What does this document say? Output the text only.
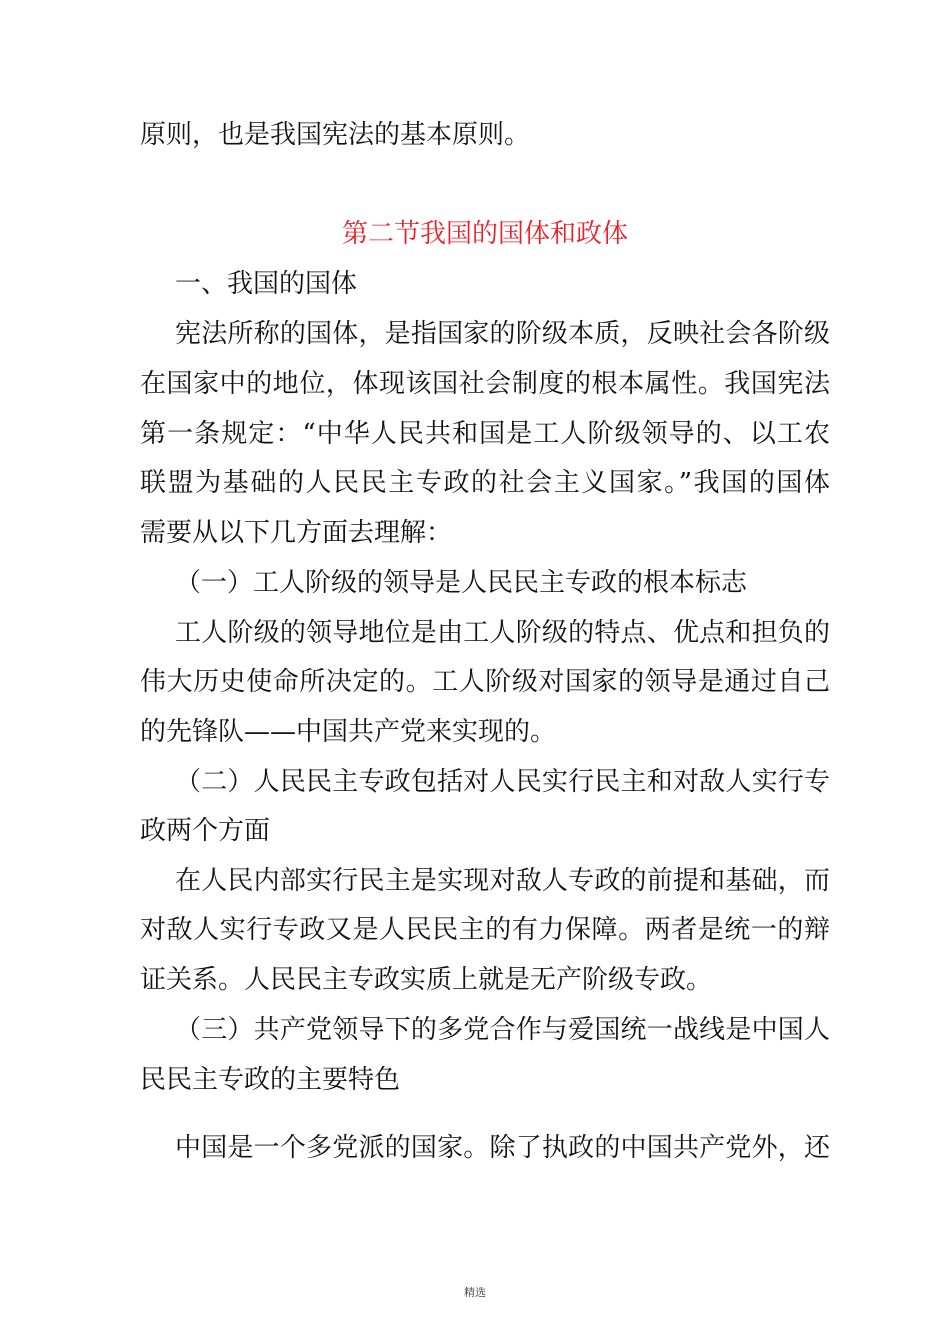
原则，也是我国宪法的基本原则。
第二节我国的国体和政体
一、我国的国体
宪法所称的国体，是指国家的阶级本质，反映社会各阶级
在国家中的地位，体现该国社会制度的根本属性。我国宪法
第一条规定：“中华人民共和国是工人阶级领导的、以工农
联盟为基础的人民民主专政的社会主义国家。”我国的国体
需要从以下几方面去理解：
（一）工人阶级的领导是人民民主专政的根本标志
工人阶级的领导地位是由工人阶级的特点、优点和担负的
伟大历史使命所决定的。工人阶级对国家的领导是通过自己
的先锋队——中国共产党来实现的。
（二）人民民主专政包括对人民实行民主和对敌人实行专
政两个方面
在人民内部实行民主是实现对敌人专政的前提和基础，而
对敌人实行专政又是人民民主的有力保障。两者是统一的辩
证关系。人民民主专政实质上就是无产阶级专政。
（三）共产党领导下的多党合作与爱国统一战线是中国人
民民主专政的主要特色
中国是一个多党派的国家。除了执政的中国共产党外，还
精选
